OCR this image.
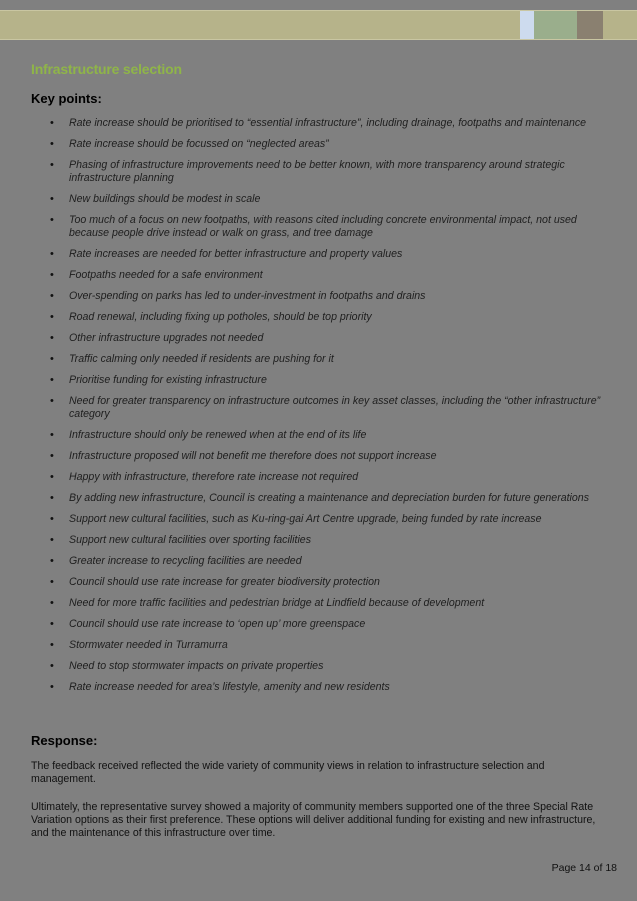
Infrastructure selection
Key points:
• Rate increase should be prioritised to “essential infrastructure”, including drainage, footpaths and maintenance
• Rate increase should be focussed on “neglected areas”
• Phasing of infrastructure improvements need to be better known, with more transparency around strategic infrastructure planning
• New buildings should be modest in scale
• Too much of a focus on new footpaths, with reasons cited including concrete environmental impact, not used because people drive instead or walk on grass, and tree damage
• Rate increases are needed for better infrastructure and property values
• Footpaths needed for a safe environment
• Over-spending on parks has led to under-investment in footpaths and drains
• Road renewal, including fixing up potholes, should be top priority
• Other infrastructure upgrades not needed
• Traffic calming only needed if residents are pushing for it
• Prioritise funding for existing infrastructure
• Need for greater transparency on infrastructure outcomes in key asset classes, including the “other infrastructure” category
• Infrastructure should only be renewed when at the end of its life
• Infrastructure proposed will not benefit me therefore does not support increase
• Happy with infrastructure, therefore rate increase not required
• By adding new infrastructure, Council is creating a maintenance and depreciation burden for future generations
• Support new cultural facilities, such as Ku-ring-gai Art Centre upgrade, being funded by rate increase
• Support new cultural facilities over sporting facilities
• Greater increase to recycling facilities are needed
• Council should use rate increase for greater biodiversity protection
• Need for more traffic facilities and pedestrian bridge at Lindfield because of development
• Council should use rate increase to ‘open up’ more greenspace
• Stormwater needed in Turramurra
• Need to stop stormwater impacts on private properties
• Rate increase needed for area’s lifestyle, amenity and new residents
Response:

The feedback received reflected the wide variety of community views in relation to infrastructure selection and management.

Ultimately, the representative survey showed a majority of community members supported one of the three Special Rate Variation options as their first preference. These options will deliver additional funding for existing and new infrastructure, and the maintenance of this infrastructure over time.

Page 14 of 18
